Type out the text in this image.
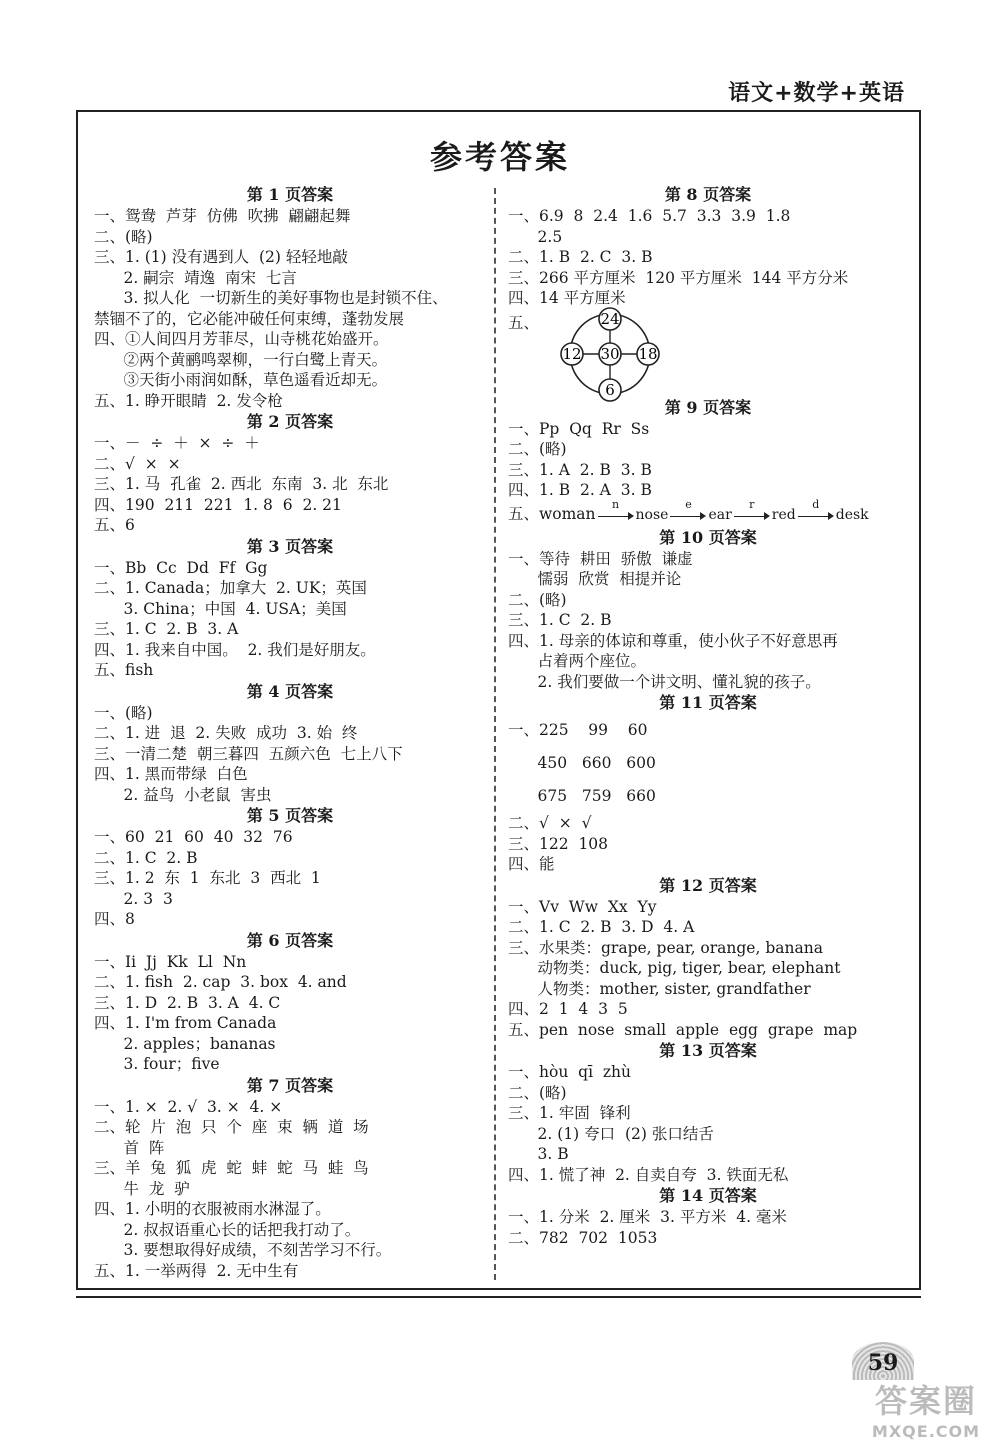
语文+数学+英语
参考答案
第 1 页答案
一、鸳鸯  芦芽  仿佛  吹拂  翩翩起舞
二、(略)
三、1. (1) 没有遇到人  (2) 轻轻地敲
2. 嗣宗  靖逸  南宋  七言
3. 拟人化  一切新生的美好事物也是封锁不住、
禁锢不了的，它必能冲破任何束缚，蓬勃发展
四、①人间四月芳菲尽，山寺桃花始盛开。
②两个黄鹂鸣翠柳，一行白鹭上青天。
③天街小雨润如酥，草色遥看近却无。
五、1. 睁开眼睛  2. 发令枪
第 2 页答案
一、－  ÷  ＋  ×  ÷  ＋
二、√  ×  ×
三、1. 马  孔雀  2. 西北  东南  3. 北  东北
四、190  211  221  1. 8  6  2. 21
五、6
第 3 页答案
一、Bb  Cc  Dd  Ff  Gg
二、1. Canada；加拿大  2. UK；英国
3. China；中国  4. USA；美国
三、1. C  2. B  3. A
四、1. 我来自中国。  2. 我们是好朋友。
五、fish
第 4 页答案
一、(略)
二、1. 进  退  2. 失败  成功  3. 始  终
三、一清二楚  朝三暮四  五颜六色  七上八下
四、1. 黑而带绿  白色
2. 益鸟  小老鼠  害虫
第 5 页答案
一、60  21  60  40  32  76
二、1. C  2. B
三、1. 2  东  1  东北  3  西北  1
2. 3  3
四、8
第 6 页答案
一、Ii  Jj  Kk  Ll  Nn
二、1. fish  2. cap  3. box  4. and
三、1. D  2. B  3. A  4. C
四、1. I'm from Canada
2. apples；bananas
3. four；five
第 7 页答案
一、1. ×  2. √  3. ×  4. ×
二、轮  片  泡  只  个  座  束  辆  道  场
首  阵
三、羊  兔  狐  虎  蛇  蚌  蛇  马  蛙  鸟
牛  龙  驴
四、1. 小明的衣服被雨水淋湿了。
2. 叔叔语重心长的话把我打动了。
3. 要想取得好成绩，不刻苦学习不行。
五、1. 一举两得  2. 无中生有
第 8 页答案
一、6.9  8  2.4  1.6  5.7  3.3  3.9  1.8
2.5
二、1. B  2. C  3. B
三、266 平方厘米  120 平方厘米  144 平方分米
四、14 平方厘米
五、	24
12 30 18
6
第 9 页答案
一、Pp  Qq  Rr  Ss
二、(略)
三、1. A  2. B  3. B
四、1. B  2. A  3. B
五、woman
n
nose
e
ear
r
red
d
desk
第 10 页答案
一、等待  耕田  骄傲  谦虚
懦弱  欣赏  相提并论
二、(略)
三、1. C  2. B
四、1. 母亲的体谅和尊重，使小伙子不好意思再
占着两个座位。
2. 我们要做一个讲文明、懂礼貌的孩子。
第 11 页答案
一、225    99    60
450   660   600
675   759   660
二、√  ×  √
三、122  108
四、能
第 12 页答案
一、Vv  Ww  Xx  Yy
二、1. C  2. B  3. D  4. A
三、水果类：grape, pear, orange, banana
动物类：duck, pig, tiger, bear, elephant
人物类：mother, sister, grandfather
四、2  1  4  3  5
五、pen  nose  small  apple  egg  grape  map
第 13 页答案
一、hòu  qī  zhù
二、(略)
三、1. 牢固  锋利
2. (1) 夸口  (2) 张口结舌
3. B
四、1. 慌了神  2. 自卖自夸  3. 铁面无私
第 14 页答案
一、1. 分米  2. 厘米  3. 平方米  4. 毫米
二、782  702  1053
59
答案圈
MXQE.COM
